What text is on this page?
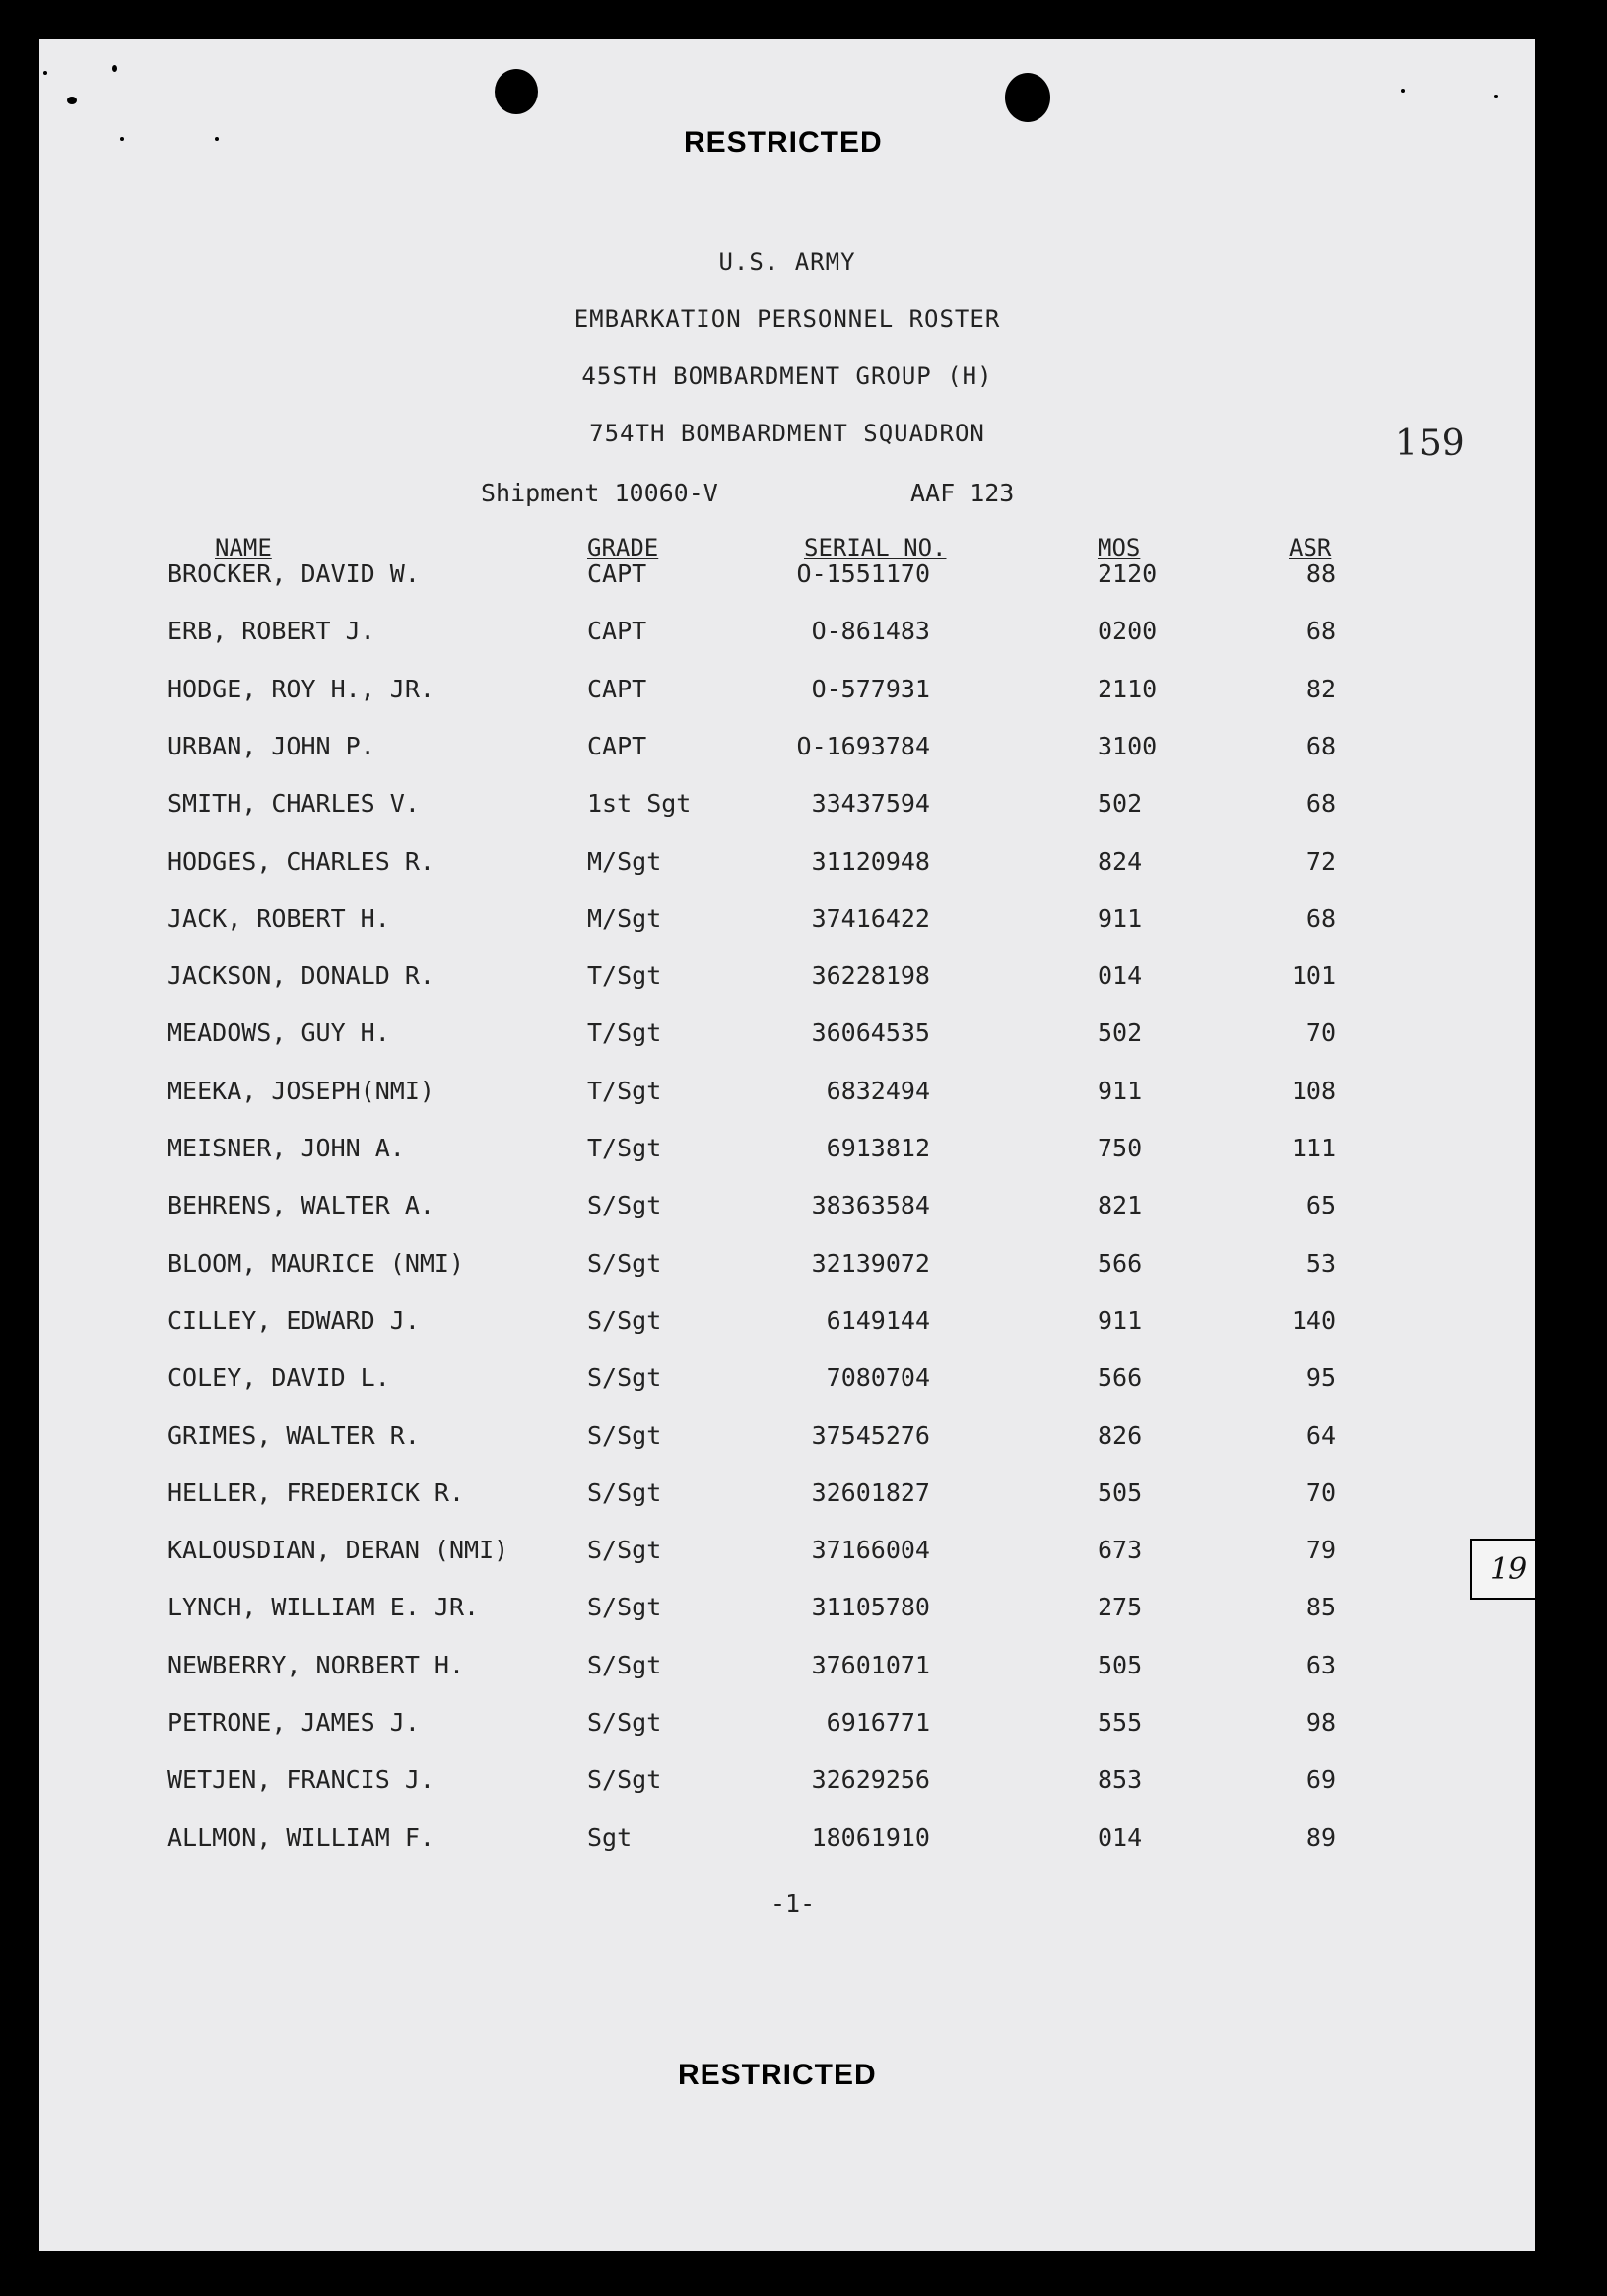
RESTRICTED
U.S. ARMY
EMBARKATION PERSONNEL ROSTER
45STH BOMBARDMENT GROUP (H)
754TH BOMBARDMENT SQUADRON	159
Shipment 10060-V	AAF 123
NAME	GRADE	SERIAL NO.	MOS	ASR
BROCKER, DAVID W.	CAPT	O-1551170	2120	88
ERB, ROBERT J.	CAPT	O-861483	0200	68
HODGE, ROY H., JR.	CAPT	O-577931	2110	82
URBAN, JOHN P.	CAPT	O-1693784	3100	68
SMITH, CHARLES V.	1st Sgt	33437594	502	68
HODGES, CHARLES R.	M/Sgt	31120948	824	72
JACK, ROBERT H.	M/Sgt	37416422	911	68
JACKSON, DONALD R.	T/Sgt	36228198	014	101
MEADOWS, GUY H.	T/Sgt	36064535	502	70
MEEKA, JOSEPH(NMI)	T/Sgt	6832494	911	108
MEISNER, JOHN A.	T/Sgt	6913812	750	111
BEHRENS, WALTER A.	S/Sgt	38363584	821	65
BLOOM, MAURICE (NMI)	S/Sgt	32139072	566	53
CILLEY, EDWARD J.	S/Sgt	6149144	911	140
COLEY, DAVID L.	S/Sgt	7080704	566	95
GRIMES, WALTER R.	S/Sgt	37545276	826	64
HELLER, FREDERICK R.	S/Sgt	32601827	505	70
KALOUSDIAN, DERAN (NMI)	S/Sgt	37166004	673	79
LYNCH, WILLIAM E. JR.	S/Sgt	31105780	275	85
NEWBERRY, NORBERT H.	S/Sgt	37601071	505	63
PETRONE, JAMES J.	S/Sgt	6916771	555	98
WETJEN, FRANCIS J.	S/Sgt	32629256	853	69
ALLMON, WILLIAM F.	Sgt	18061910	014	89
-1-
RESTRICTED
19
